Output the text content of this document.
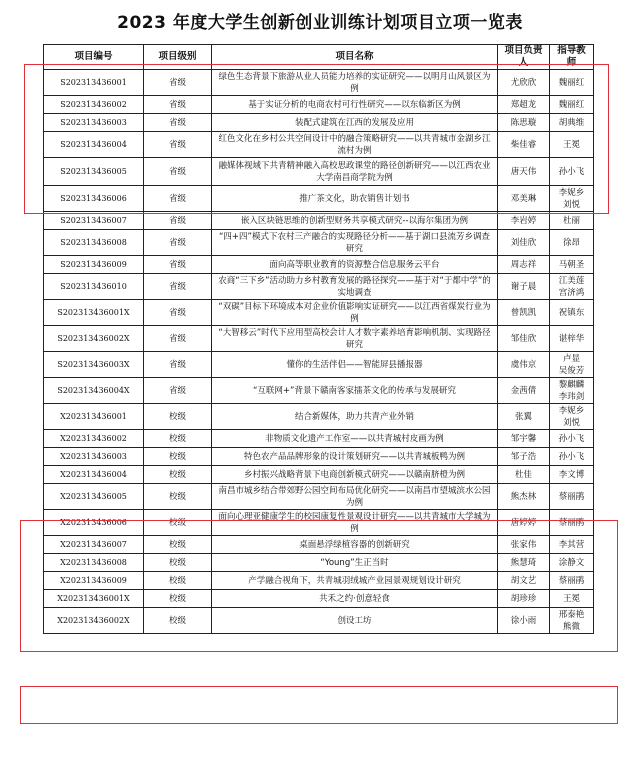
2023 年度大学生创新创业训练计划项目立项一览表
项目编号	项目级别	项目名称	项目负责人	指导教师
S202313436001	省级	绿色生态背景下旅游从业人员能力培养的实证研究——以明月山风景区为例	尤欣欣	魏丽红
S202313436002	省级	基于实证分析的电商农村可行性研究——以东临新区为例	郑超龙	魏丽红
S202313436003	省级	装配式建筑在江西的发展及应用	陈思璇	胡典维
S202313436004	省级	红色文化在乡村公共空间设计中的融合策略研究——以共青城市金湖乡江流村为例	柴佳睿	王冕
S202313436005	省级	融媒体视域下共青精神融入高校思政课堂的路径创新研究——以江西农业大学南昌商学院为例	唐天伟	孙小飞
S202313436006	省级	推广茶文化，助农销售计划书	邓美琳	李妮乡
刘悦
S202313436007	省级	嵌入区块链思维的创新型财务共享模式研究--以海尔集团为例	李岩婷	杜丽
S202313436008	省级	“四+四”模式下农村三产融合的实现路径分析——基于湖口县流芳乡调查研究	刘佳欣	徐昂
S202313436009	省级	面向高等职业教育的资源整合信息服务云平台	周志祥	马朝圣
S202313436010	省级	农商“三下乡”活动助力乡村教育发展的路径探究——基于对“于都中学”的实地调查	谢子晨	江美莲
宫济鸿
S202313436001X	省级	“双碳”目标下环境成本对企业价值影响实证研究——以江西省煤炭行业为例	曾凯凯	祝镇东
S202313436002X	省级	“大智移云”时代下应用型高校会计人才数字素养培育影响机制、实现路径研究	邹佳欣	谌梓华
S202313436003X	省级	懂你的生活伴侣——智能屏县播报器	虞伟京	卢显
吴俊芳
S202313436004X	省级	“互联网+”背景下赣南客家擂茶文化的传承与发展研究	金茜倩	黎麒麟
李玮剑
X202313436001	校级	结合新媒体，助力共青产业外销	张翼	李妮乡
刘悦
X202313436002	校级	非物质文化遗产工作室——以共青城村皮画为例	邹宇馨	孙小飞
X202313436003	校级	特色农产品品牌形象的设计策划研究——以共青城板鸭为例	邹子浩	孙小飞
X202313436004	校级	乡村振兴战略背景下电商创新模式研究——以赣南脐橙为例	杜佳	李文博
X202313436005	校级	南昌市城乡结合带郊野公园空间布局优化研究——以南昌市望城滨水公园为例	熊杰林	蔡丽鹃
X202313436006	校级	面向心理亚健康学生的校园康复性景观设计研究——以共青城市大学城为例	唐婷婷	蔡丽鹃
X202313436007	校级	桌面悬浮绿植容器的创新研究	张家伟	李其营
X202313436008	校级	“Young”生正当时	熊慧琦	涂静文
X202313436009	校级	产学融合视角下，共青城羽绒城产业园景观规划设计研究	胡文艺	蔡丽鹃
X202313436001X	校级	共禾之约·创意轻食	胡珍珍	王冕
X202313436002X	校级	创设工坊	徐小雨	邢泰艳
熊微
